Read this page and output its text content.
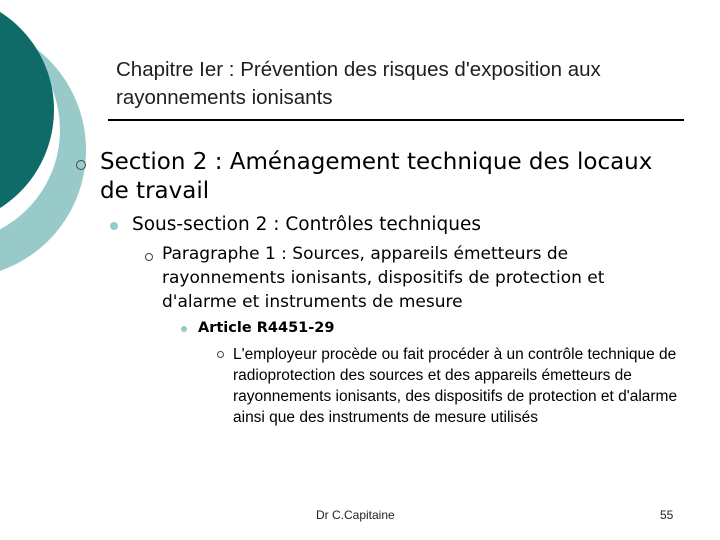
Chapitre Ier : Prévention des risques d'exposition aux rayonnements ionisants
Section 2 : Aménagement technique des locaux de travail
Sous-section 2 : Contrôles techniques
Paragraphe 1 : Sources, appareils émetteurs de rayonnements ionisants, dispositifs de protection et d'alarme et instruments de mesure
Article R4451-29
L'employeur procède ou fait procéder à un contrôle technique de radioprotection des sources et des appareils émetteurs de rayonnements ionisants, des dispositifs de protection et d'alarme ainsi que des instruments de mesure utilisés
Dr C.Capitaine	55
